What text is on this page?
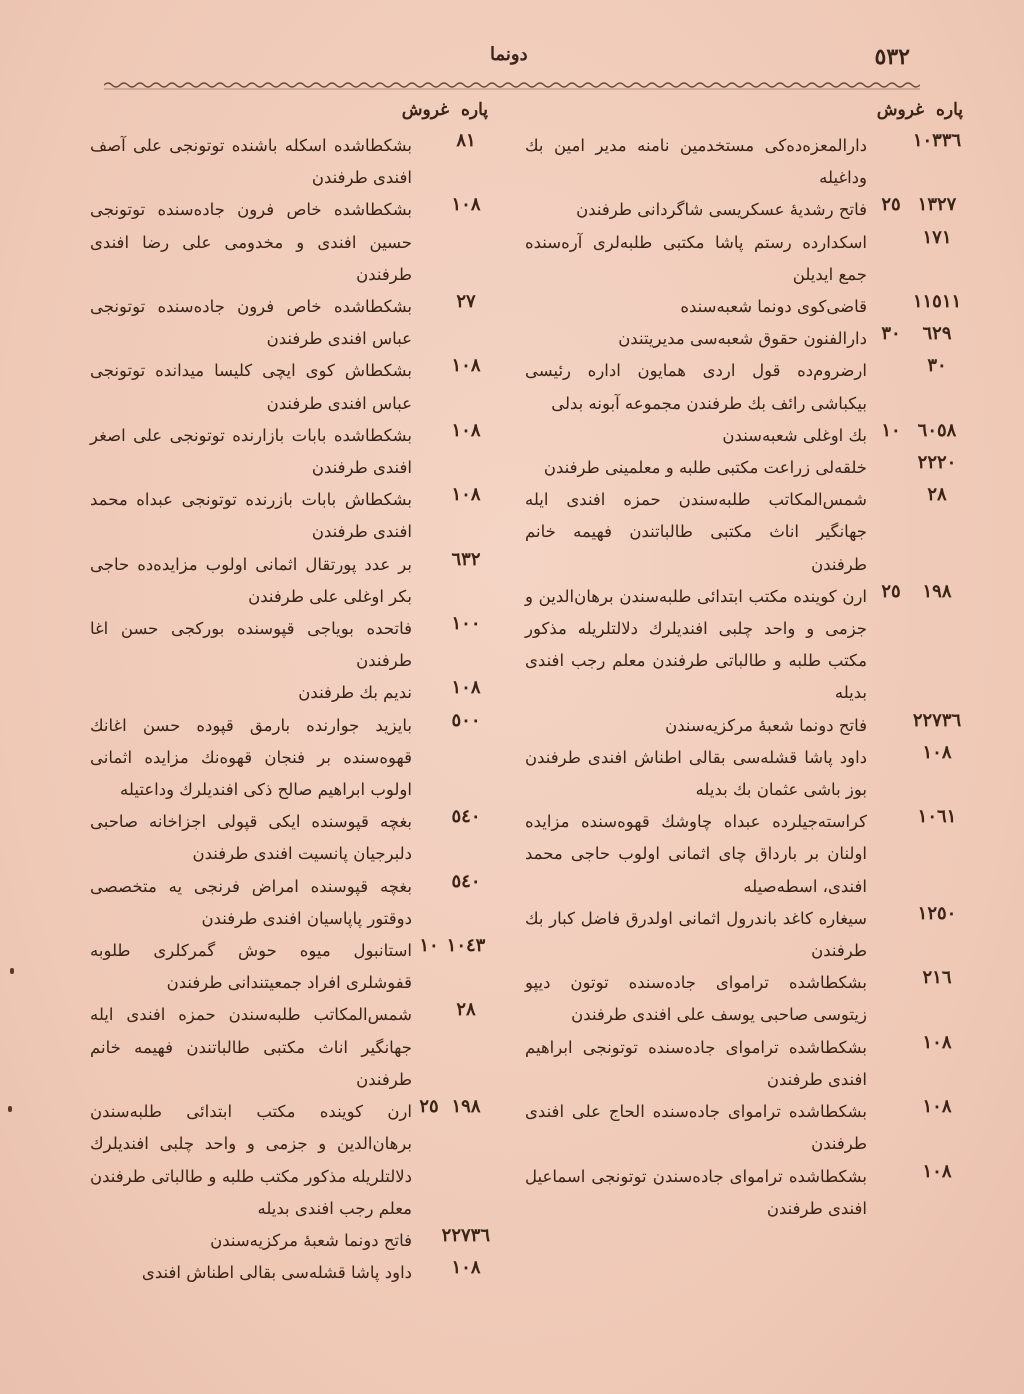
٥٣٢
دونما
پاره
غروش
١٠٣٣٦
دارالمعزه‌ده‌کی مستخدمین نامنه مدیر امین بك وداغیله
١٣٢٧
٢٥
فاتح رشدیهٔ عسکریسی شاگردانی طرفندن
١٧١
اسکدارده رستم پاشا مکتبی طلبه‌لری آره‌سنده جمع ایدیلن
١١٥١١
قاضی‌کوی دونما شعبه‌سنده
٦٢٩
٣٠
دارالفنون حقوق شعبه‌سی مدیریتندن
٣٠
ارضروم‌ده قول اردی همایون اداره رئیسی بیکباشی رائف بك طرفندن مجموعه آبونه بدلی
٦٠٥٨
١٠
بك اوغلی شعبه‌سندن
٢٢٢٠
خلقه‌لی زراعت مکتبی طلبه و معلمینی طرفندن
٢٨
شمس‌المکاتب طلبه‌سندن حمزه افندی ایله جهانگیر اناث مکتبی طالباتندن فهیمه خانم طرفندن
١٩٨
٢٥
ارن کوینده مکتب ابتدائی طلبه‌سندن برهان‌الدین و جزمی و واحد چلبی افندیلرك دلالتلریله مذکور مکتب طلبه و طالباتی طرفندن معلم رجب افندی بدیله
٢٢٧٣٦
فاتح دونما شعبهٔ مرکزیه‌سندن
١٠٨
داود پاشا قشله‌سی بقالی اطناش افندی طرفندن بوز باشی عثمان بك بدیله
١٠٦١
کراسته‌جیلرده عبداه چاوشك قهوه‌سنده مزایده اولنان بر بارداق چای اثمانی اولوب حاجی محمد افندی، اسطه‌صیله
١٢٥٠
سیغاره کاغد باندرول اثمانی اولدرق فاضل کبار بك طرفندن
٢١٦
بشکطاشده تراموای جاده‌سنده توتون دیپو زیتوسی صاحبی یوسف علی افندی طرفندن
١٠٨
بشکطاشده تراموای جاده‌سنده توتونجی ابراهیم افندی طرفندن
١٠٨
بشکطاشده تراموای جاده‌سنده الحاج علی افندی طرفندن
١٠٨
بشکطاشده تراموای جاده‌سندن توتونجی اسماعیل افندی طرفندن
پاره
غروش
٨١
بشکطاشده اسکله باشنده توتونجی علی آصف افندی طرفندن
١٠٨
بشکطاشده خاص فرون جاده‌سنده توتونجی حسین افندی و مخدومی علی رضا افندی طرفندن
٢٧
بشکطاشده خاص فرون جاده‌سنده توتونجی عباس افندی طرفندن
١٠٨
بشکطاش کوی ایچی کلیسا میدانده توتونجی عباس افندی طرفندن
١٠٨
بشکطاشده بابات بازارنده توتونجی علی اصغر افندی طرفندن
١٠٨
بشکطاش بابات بازرنده توتونجی عبداه محمد افندی طرفندن
٦٣٢
بر عدد پورتقال اثمانی اولوب مزایده‌ده حاجی بکر اوغلی علی طرفندن
١٠٠
فاتحده بویاجی قپوسنده بورکجی حسن اغا طرفندن
١٠٨
ندیم بك طرفندن
٥٠٠
بایزید جوارنده بارمق قپوده حسن اغانك قهوه‌سنده بر فنجان قهوه‌نك مزایده اثمانی اولوب ابراهیم صالح ذکی افندیلرك وداعتیله
٥٤٠
بغچه قپوسنده ایکی قپولی اجزاخانه صاحبی دلبرجیان پانسیت افندی طرفندن
٥٤٠
بغچه قپوسنده امراض فرنجی یه متخصصی دوقتور پاپاسیان افندی طرفندن
١٠٤٣
١٠
استانبول میوه حوش گمرکلری طلوبه قفوشلری افراد جمعیتندانی طرفندن
٢٨
شمس‌المکاتب طلبه‌سندن حمزه افندی ایله جهانگیر اناث مکتبی طالباتندن فهیمه خانم طرفندن
١٩٨
٢٥
ارن کوینده مکتب ابتدائی طلبه‌سندن برهان‌الدین و جزمی و واحد چلبی افندیلرك دلالتلریله مذکور مکتب طلبه و طالباتی طرفندن معلم رجب افندی بدیله
٢٢٧٣٦
فاتح دونما شعبهٔ مرکزیه‌سندن
١٠٨
داود پاشا قشله‌سی بقالی اطناش افندی
